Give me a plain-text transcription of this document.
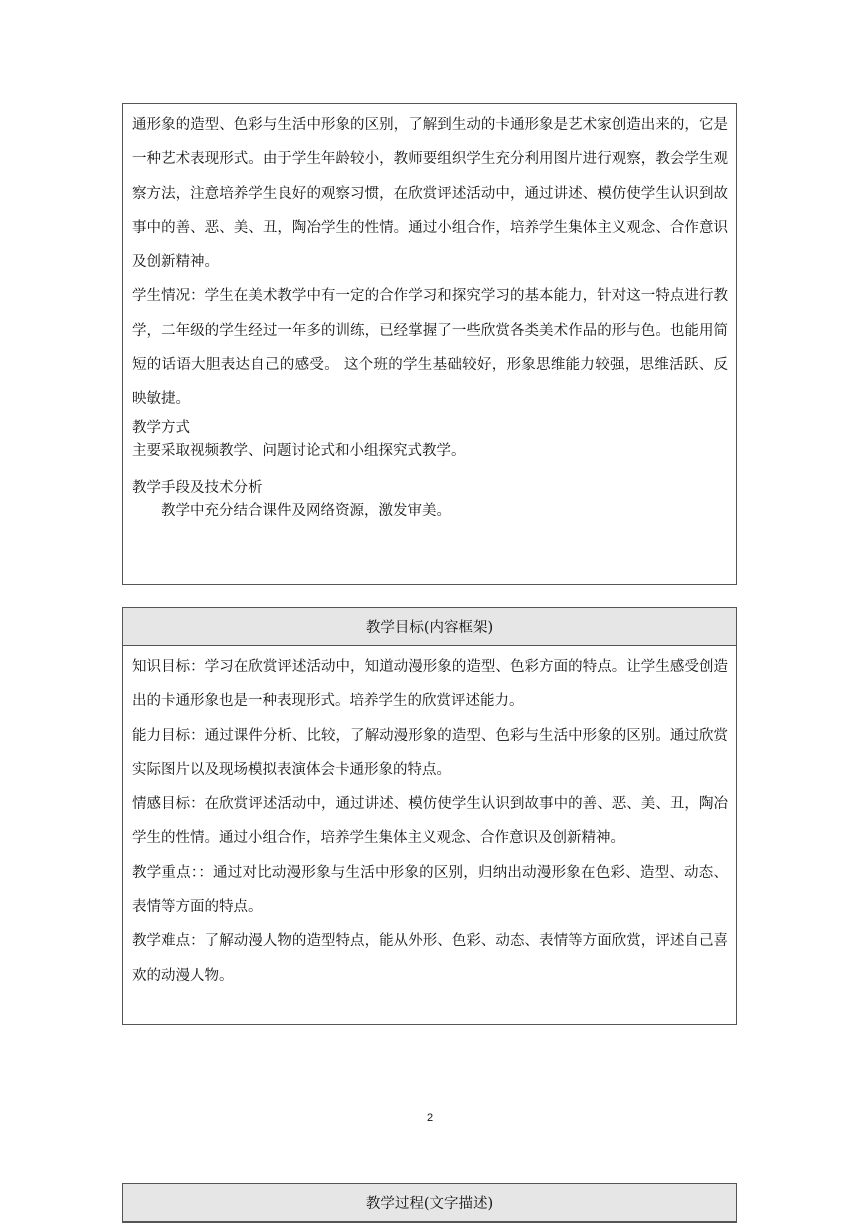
通形象的造型、色彩与生活中形象的区别，了解到生动的卡通形象是艺术家创造出来的，它是一种艺术表现形式。由于学生年龄较小，教师要组织学生充分利用图片进行观察，教会学生观察方法，注意培养学生良好的观察习惯，在欣赏评述活动中，通过讲述、模仿使学生认识到故事中的善、恶、美、丑，陶冶学生的性情。通过小组合作，培养学生集体主义观念、合作意识及创新精神。

学生情况：学生在美术教学中有一定的合作学习和探究学习的基本能力，针对这一特点进行教学，二年级的学生经过一年多的训练，已经掌握了一些欣赏各类美术作品的形与色。也能用简短的话语大胆表达自己的感受。 这个班的学生基础较好，形象思维能力较强，思维活跃、反映敏捷。

教学方式

主要采取视频教学、问题讨论式和小组探究式教学。

教学手段及技术分析

教学中充分结合课件及网络资源，激发审美。

教学目标(内容框架)

知识目标：学习在欣赏评述活动中，知道动漫形象的造型、色彩方面的特点。让学生感受创造出的卡通形象也是一种表现形式。培养学生的欣赏评述能力。

能力目标：通过课件分析、比较，了解动漫形象的造型、色彩与生活中形象的区别。通过欣赏实际图片以及现场模拟表演体会卡通形象的特点。

情感目标：在欣赏评述活动中，通过讲述、模仿使学生认识到故事中的善、恶、美、丑，陶冶学生的性情。通过小组合作，培养学生集体主义观念、合作意识及创新精神。

教学重点：：通过对比动漫形象与生活中形象的区别，归纳出动漫形象在色彩、造型、动态、表情等方面的特点。

教学难点：了解动漫人物的造型特点，能从外形、色彩、动态、表情等方面欣赏，评述自己喜欢的动漫人物。

2
教学过程(文字描述)
